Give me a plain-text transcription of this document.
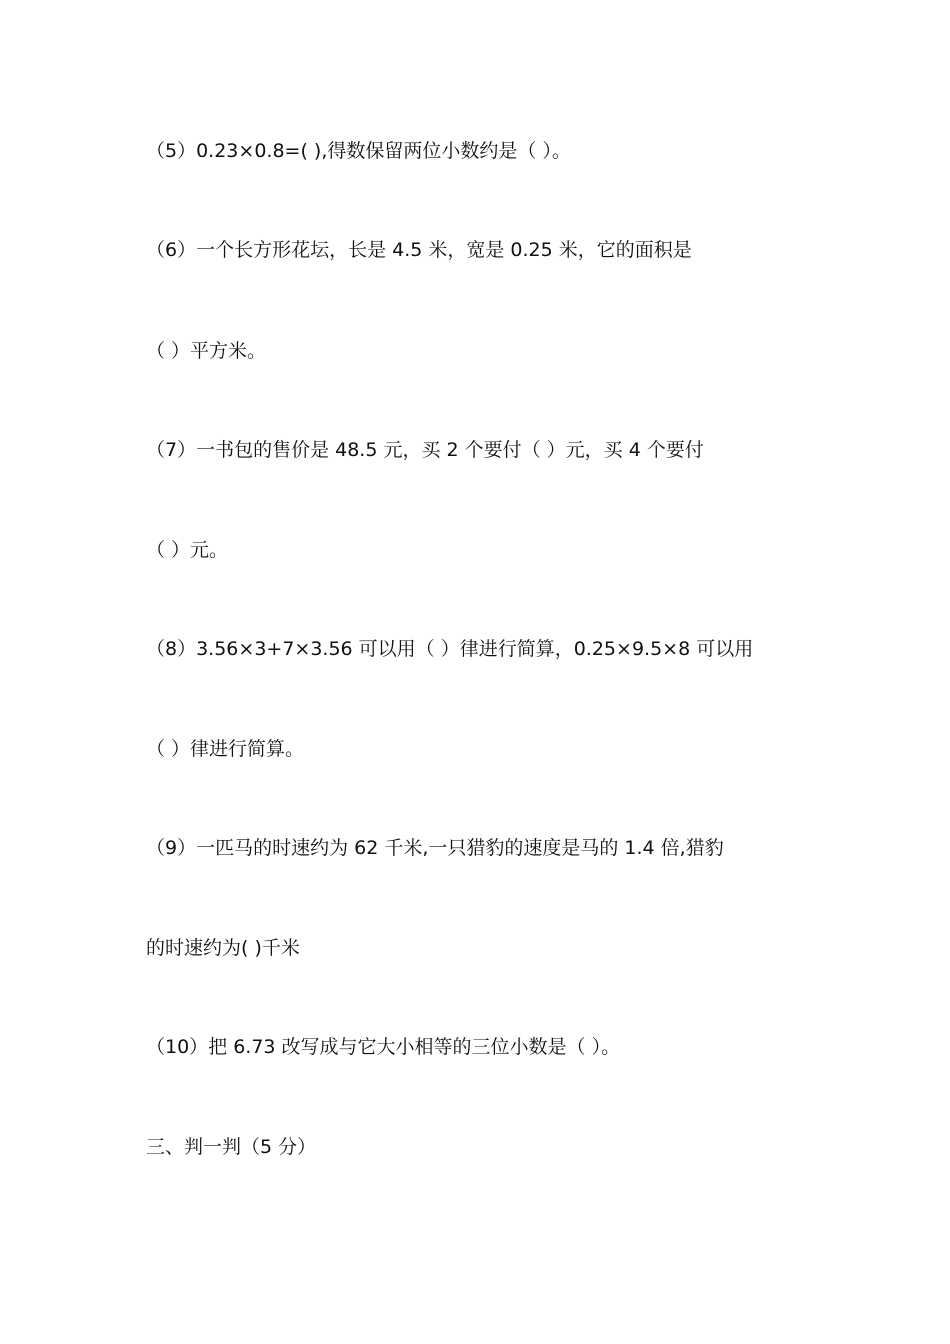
（5）0.23×0.8=( ),得数保留两位小数约是（ ）。
（6）一个长方形花坛，长是 4.5 米，宽是 0.25 米，它的面积是
（ ）平方米。
（7）一书包的售价是 48.5 元，买 2 个要付（ ）元，买 4 个要付
（ ）元。
（8）3.56×3+7×3.56 可以用（ ）律进行简算，0.25×9.5×8 可以用
（ ）律进行简算。
（9）一匹马的时速约为 62 千米,一只猎豹的速度是马的 1.4 倍,猎豹
的时速约为( )千米
（10）把 6.73 改写成与它大小相等的三位小数是（ ）。
三、判一判（5 分）
